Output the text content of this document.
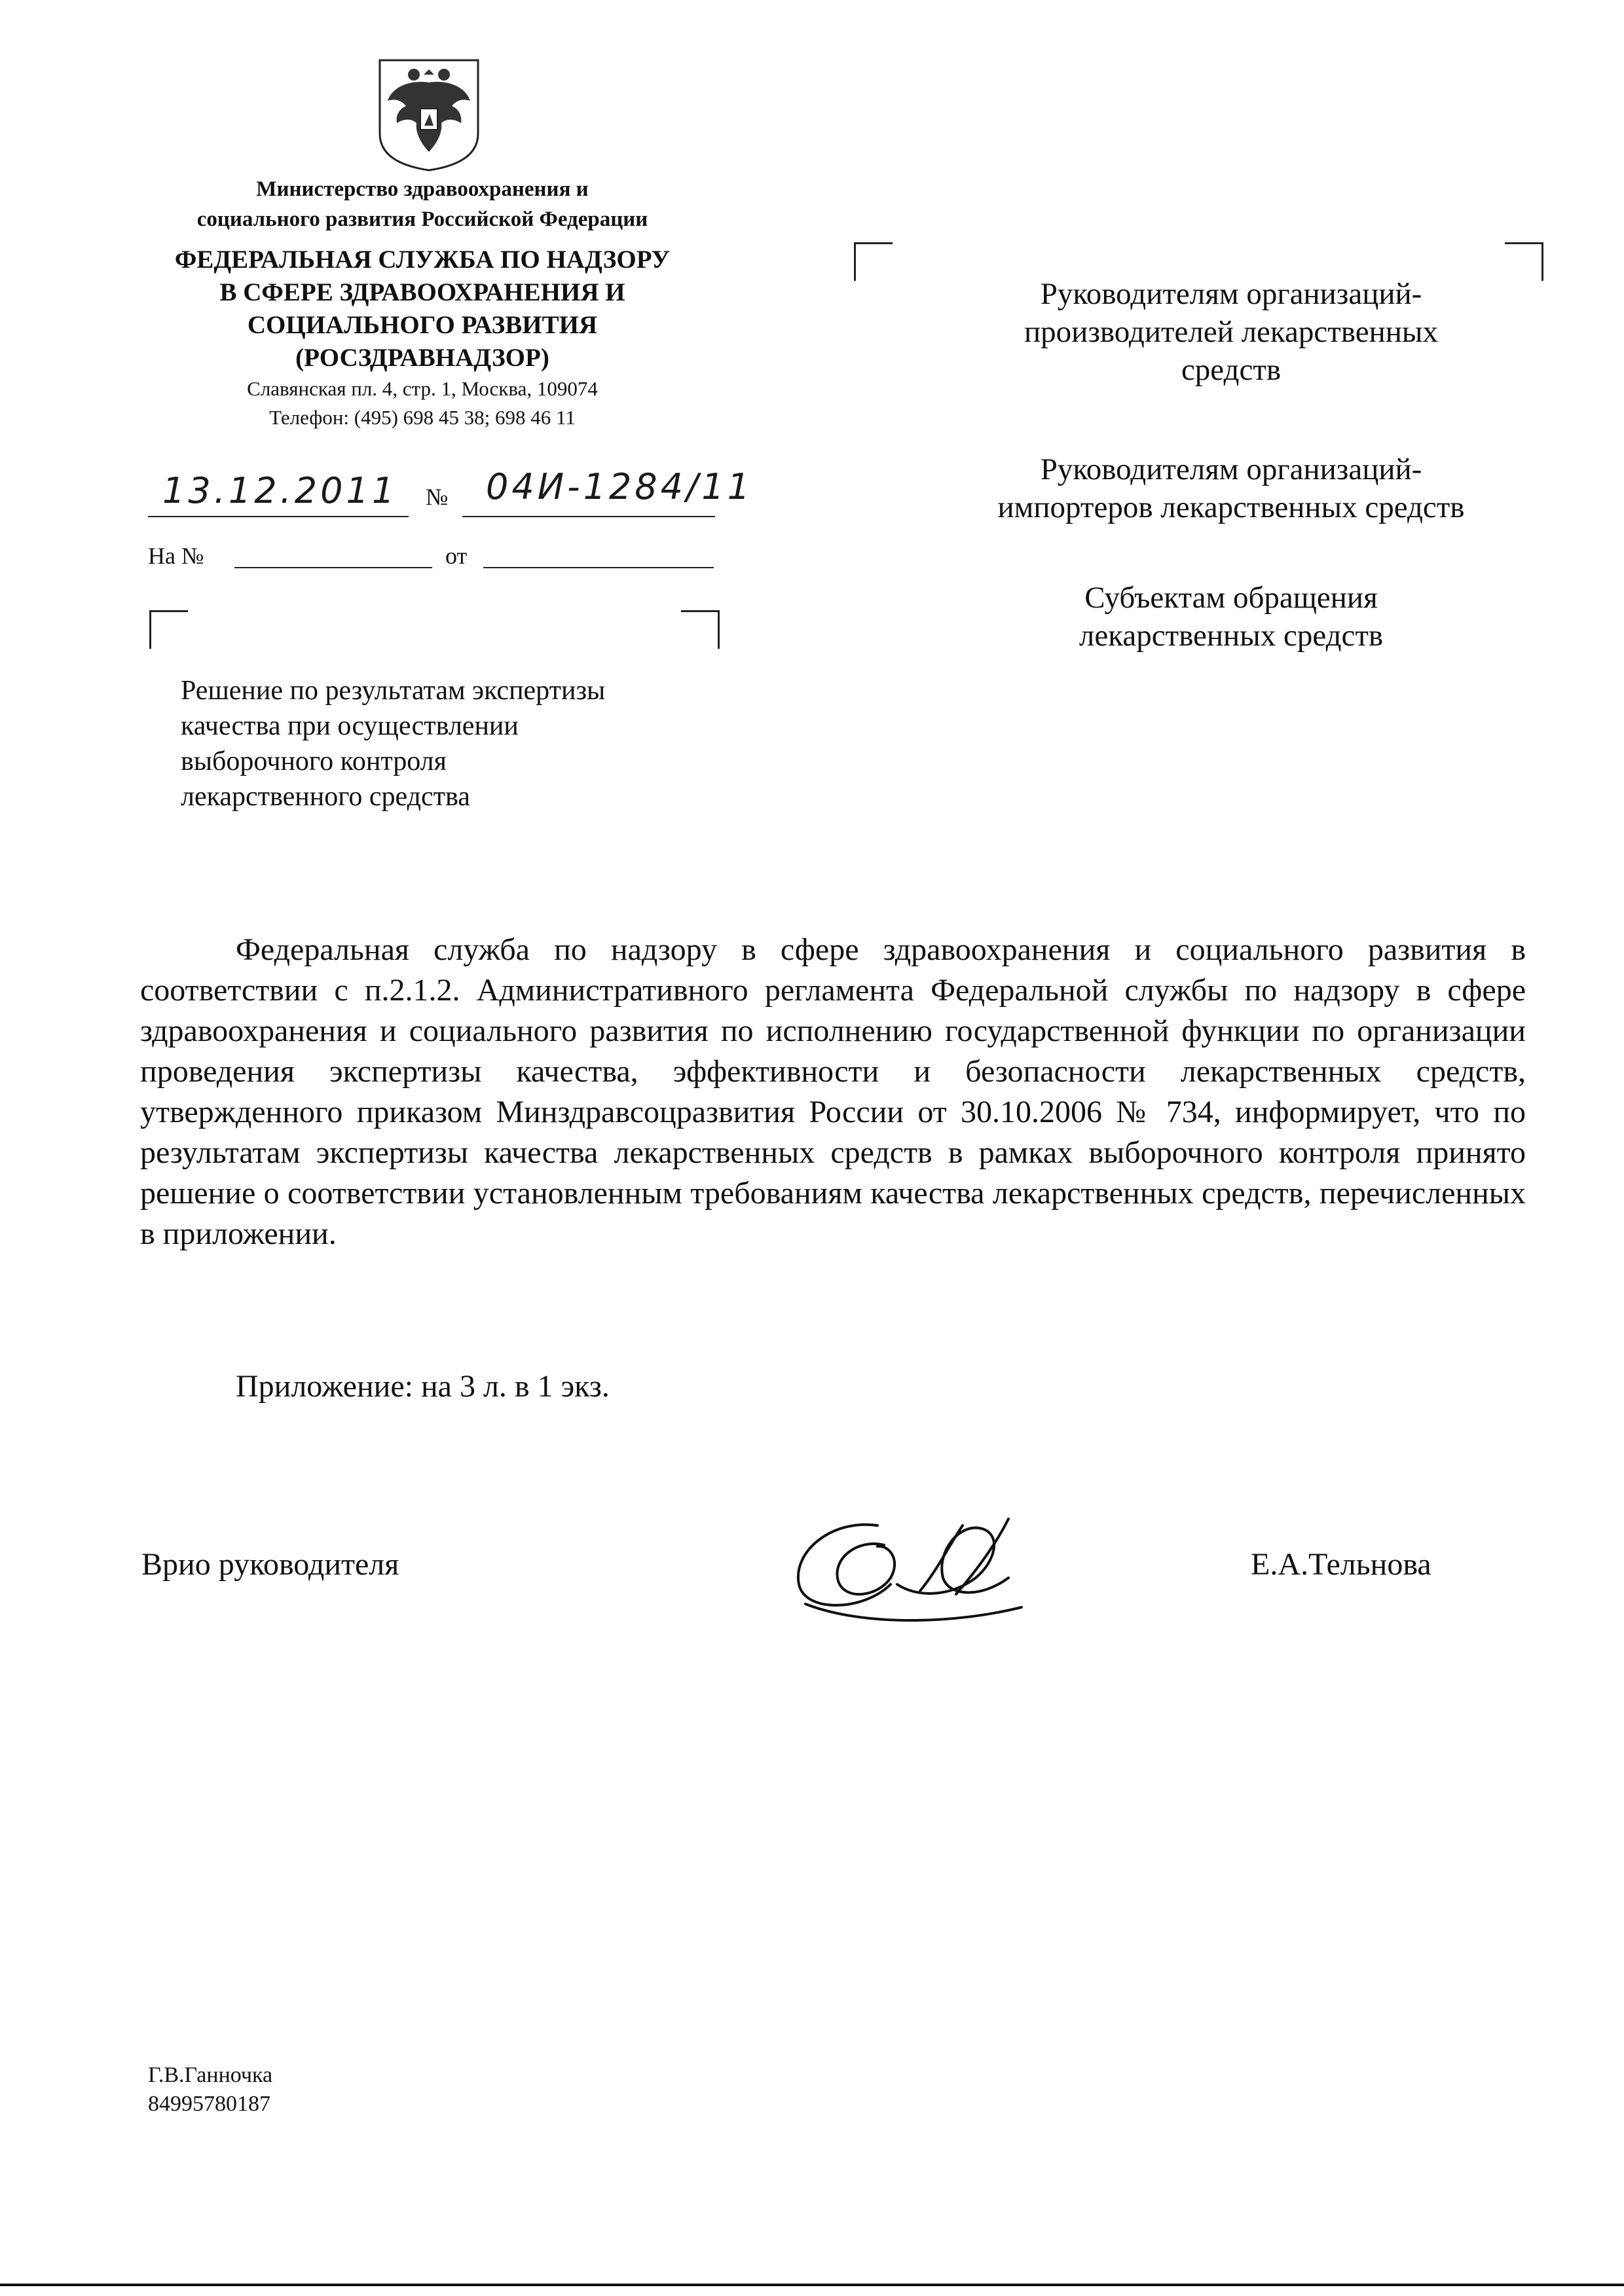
Министерство здравоохранения и
социального развития Российской Федерации
ФЕДЕРАЛЬНАЯ СЛУЖБА ПО НАДЗОРУ
В СФЕРЕ ЗДРАВООХРАНЕНИЯ И
СОЦИАЛЬНОГО РАЗВИТИЯ
(РОСЗДРАВНАДЗОР)
Славянская пл. 4, стр. 1, Москва, 109074
Телефон: (495) 698 45 38; 698 46 11
13.12.2011 № 04И-1284/11
На №	от
Решение по результатам экспертизы
качества при осуществлении
выборочного контроля
лекарственного средства
Руководителям организаций-
производителей лекарственных
средств
Руководителям организаций-
импортеров лекарственных средств
Субъектам обращения
лекарственных средств
Федеральная служба по надзору в сфере здравоохранения и социального развития в соответствии с п.2.1.2. Административного регламента Федеральной службы по надзору в сфере здравоохранения и социального развития по исполнению государственной функции по организации проведения экспертизы качества, эффективности и безопасности лекарственных средств, утвержденного приказом Минздравсоцразвития России от 30.10.2006 № 734, информирует, что по результатам экспертизы качества лекарственных средств в рамках выборочного контроля принято решение о соответствии установленным требованиям качества лекарственных средств, перечисленных в приложении.
Приложение: на 3 л. в 1 экз.
Врио руководителя	Е.А.Тельнова
Г.В.Ганночка
84995780187
